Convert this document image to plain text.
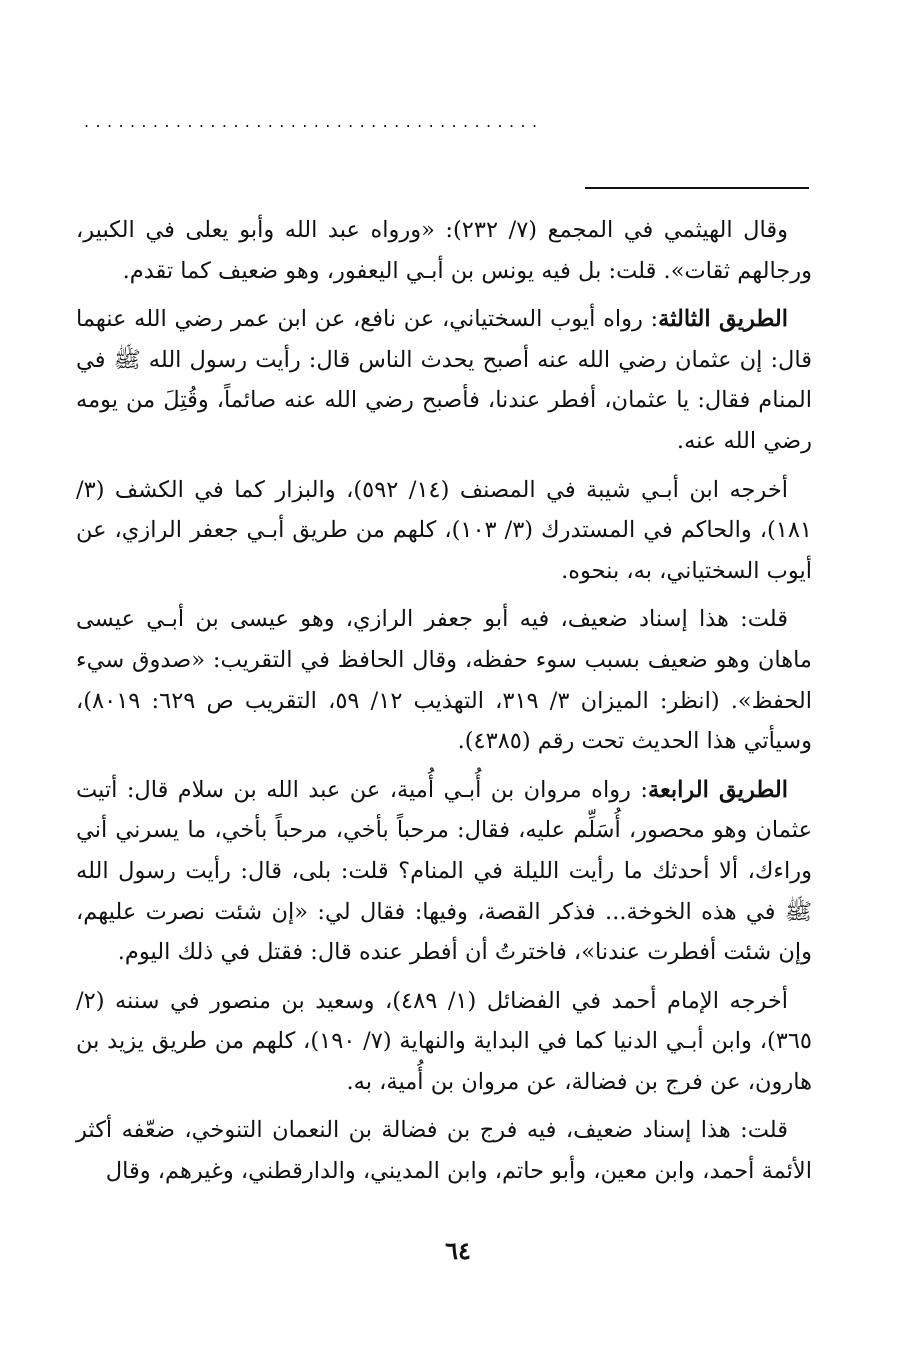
........................................

وقال الهيثمي في المجمع (٧/ ٢٣٢): «ورواه عبد الله وأبو يعلى في الكبير، ورجالهم ثقات». قلت: بل فيه يونس بن أبـي اليعفور، وهو ضعيف كما تقدم.

الطريق الثالثة: رواه أيوب السختياني، عن نافع، عن ابن عمر رضي الله عنهما قال: إن عثمان رضي الله عنه أصبح يحدث الناس قال: رأيت رسول الله ﷺ في المنام فقال: يا عثمان، أفطر عندنا، فأصبح رضي الله عنه صائماً، وقُتِلَ من يومه رضي الله عنه.

أخرجه ابن أبـي شيبة في المصنف (١٤/ ٥٩٢)، والبزار كما في الكشف (٣/ ١٨١)، والحاكم في المستدرك (٣/ ١٠٣)، كلهم من طريق أبـي جعفر الرازي، عن أيوب السختياني، به، بنحوه.

قلت: هذا إسناد ضعيف، فيه أبو جعفر الرازي، وهو عيسى بن أبـي عيسى ماهان وهو ضعيف بسبب سوء حفظه، وقال الحافظ في التقريب: «صدوق سيء الحفظ». (انظر: الميزان ٣/ ٣١٩، التهذيب ١٢/ ٥٩، التقريب ص ٦٢٩: ٨٠١٩)، وسيأتي هذا الحديث تحت رقم (٤٣٨٥).

الطريق الرابعة: رواه مروان بن أُبـي أُمية، عن عبد الله بن سلام قال: أتيت عثمان وهو محصور، أُسَلِّم عليه، فقال: مرحباً بأخي، مرحباً بأخي، ما يسرني أني وراءك، ألا أحدثك ما رأيت الليلة في المنام؟ قلت: بلى، قال: رأيت رسول الله ﷺ في هذه الخوخة... فذكر القصة، وفيها: فقال لي: «إن شئت نصرت عليهم، وإن شئت أفطرت عندنا»، فاخترتُ أن أفطر عنده قال: فقتل في ذلك اليوم.

أخرجه الإمام أحمد في الفضائل (١/ ٤٨٩)، وسعيد بن منصور في سننه (٢/ ٣٦٥)، وابن أبـي الدنيا كما في البداية والنهاية (٧/ ١٩٠)، كلهم من طريق يزيد بن هارون، عن فرج بن فضالة، عن مروان بن أُمية، به.

قلت: هذا إسناد ضعيف، فيه فرج بن فضالة بن النعمان التنوخي، ضعّفه أكثر الأئمة أحمد، وابن معين، وأبو حاتم، وابن المديني، والدارقطني، وغيرهم، وقال

٦٤
